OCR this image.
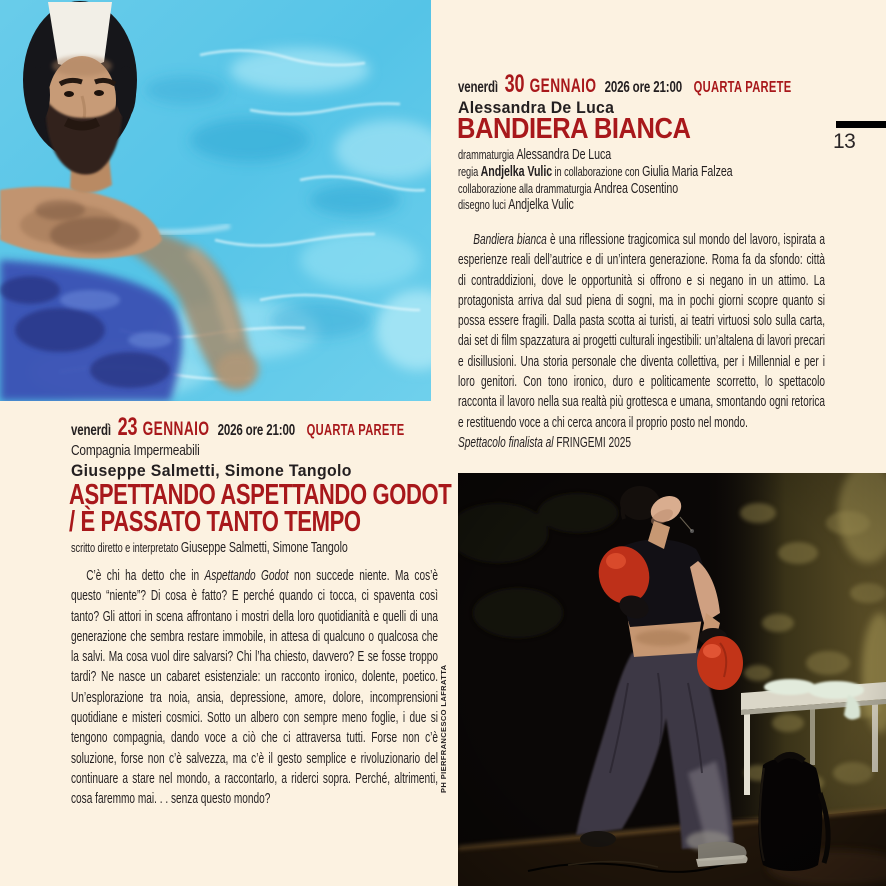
venerdì 23 GENNAIO 2026 ore 21:00 QUARTA PARETE
Compagnia Impermeabili
Giuseppe Salmetti, Simone Tangolo
ASPETTANDO ASPETTANDO GODOT
/ È PASSATO TANTO TEMPO
scritto diretto e interpretato Giuseppe Salmetti, Simone Tangolo

C’è chi ha detto che in Aspettando Godot non succede niente. Ma cos’è questo “niente”? Di cosa è fatto? E perché quando ci tocca, ci spaventa così tanto? Gli attori in scena affrontano i mostri della loro quotidianità e quelli di una generazione che sembra restare immobile, in attesa di qualcuno o qualcosa che la salvi. Ma cosa vuol dire salvarsi? Chi l’ha chiesto, davvero? E se fosse troppo tardi? Ne nasce un cabaret esistenziale: un racconto ironico, dolente, poetico. Un’esplorazione tra noia, ansia, depressione, amore, dolore, incomprensioni quotidiane e misteri cosmici. Sotto un albero con sempre meno foglie, i due si tengono compagnia, dando voce a ciò che ci attraversa tutti. Forse non c’è soluzione, forse non c’è salvezza, ma c’è il gesto semplice e rivoluzionario del continuare a stare nel mondo, a raccontarlo, a riderci sopra. Perché, altrimenti, cosa faremmo mai. . . senza questo mondo?

venerdì 30 GENNAIO 2026 ore 21:00 QUARTA PARETE
Alessandra De Luca
BANDIERA BIANCA
drammaturgia Alessandra De Luca
regia Andjelka Vulic in collaborazione con Giulia Maria Falzea
collaborazione alla drammaturgia Andrea Cosentino
disegno luci Andjelka Vulic

Bandiera bianca è una riflessione tragicomica sul mondo del lavoro, ispirata a esperienze reali dell’autrice e di un’intera generazione. Roma fa da sfondo: città di contraddizioni, dove le opportunità si offrono e si negano in un attimo. La protagonista arriva dal sud piena di sogni, ma in pochi giorni scopre quanto si possa essere fragili. Dalla pasta scotta ai turisti, ai teatri virtuosi solo sulla carta, dai set di film spazzatura ai progetti culturali ingestibili: un’altalena di lavori precari e disillusioni. Una storia personale che diventa collettiva, per i Millennial e per i loro genitori. Con tono ironico, duro e politicamente scorretto, lo spettacolo racconta il lavoro nella sua realtà più grottesca e umana, smontando ogni retorica e restituendo voce a chi cerca ancora il proprio posto nel mondo.

Spettacolo finalista al FRINGEMI 2025
PH PIERFRANCESCO LAFRATTA
13
